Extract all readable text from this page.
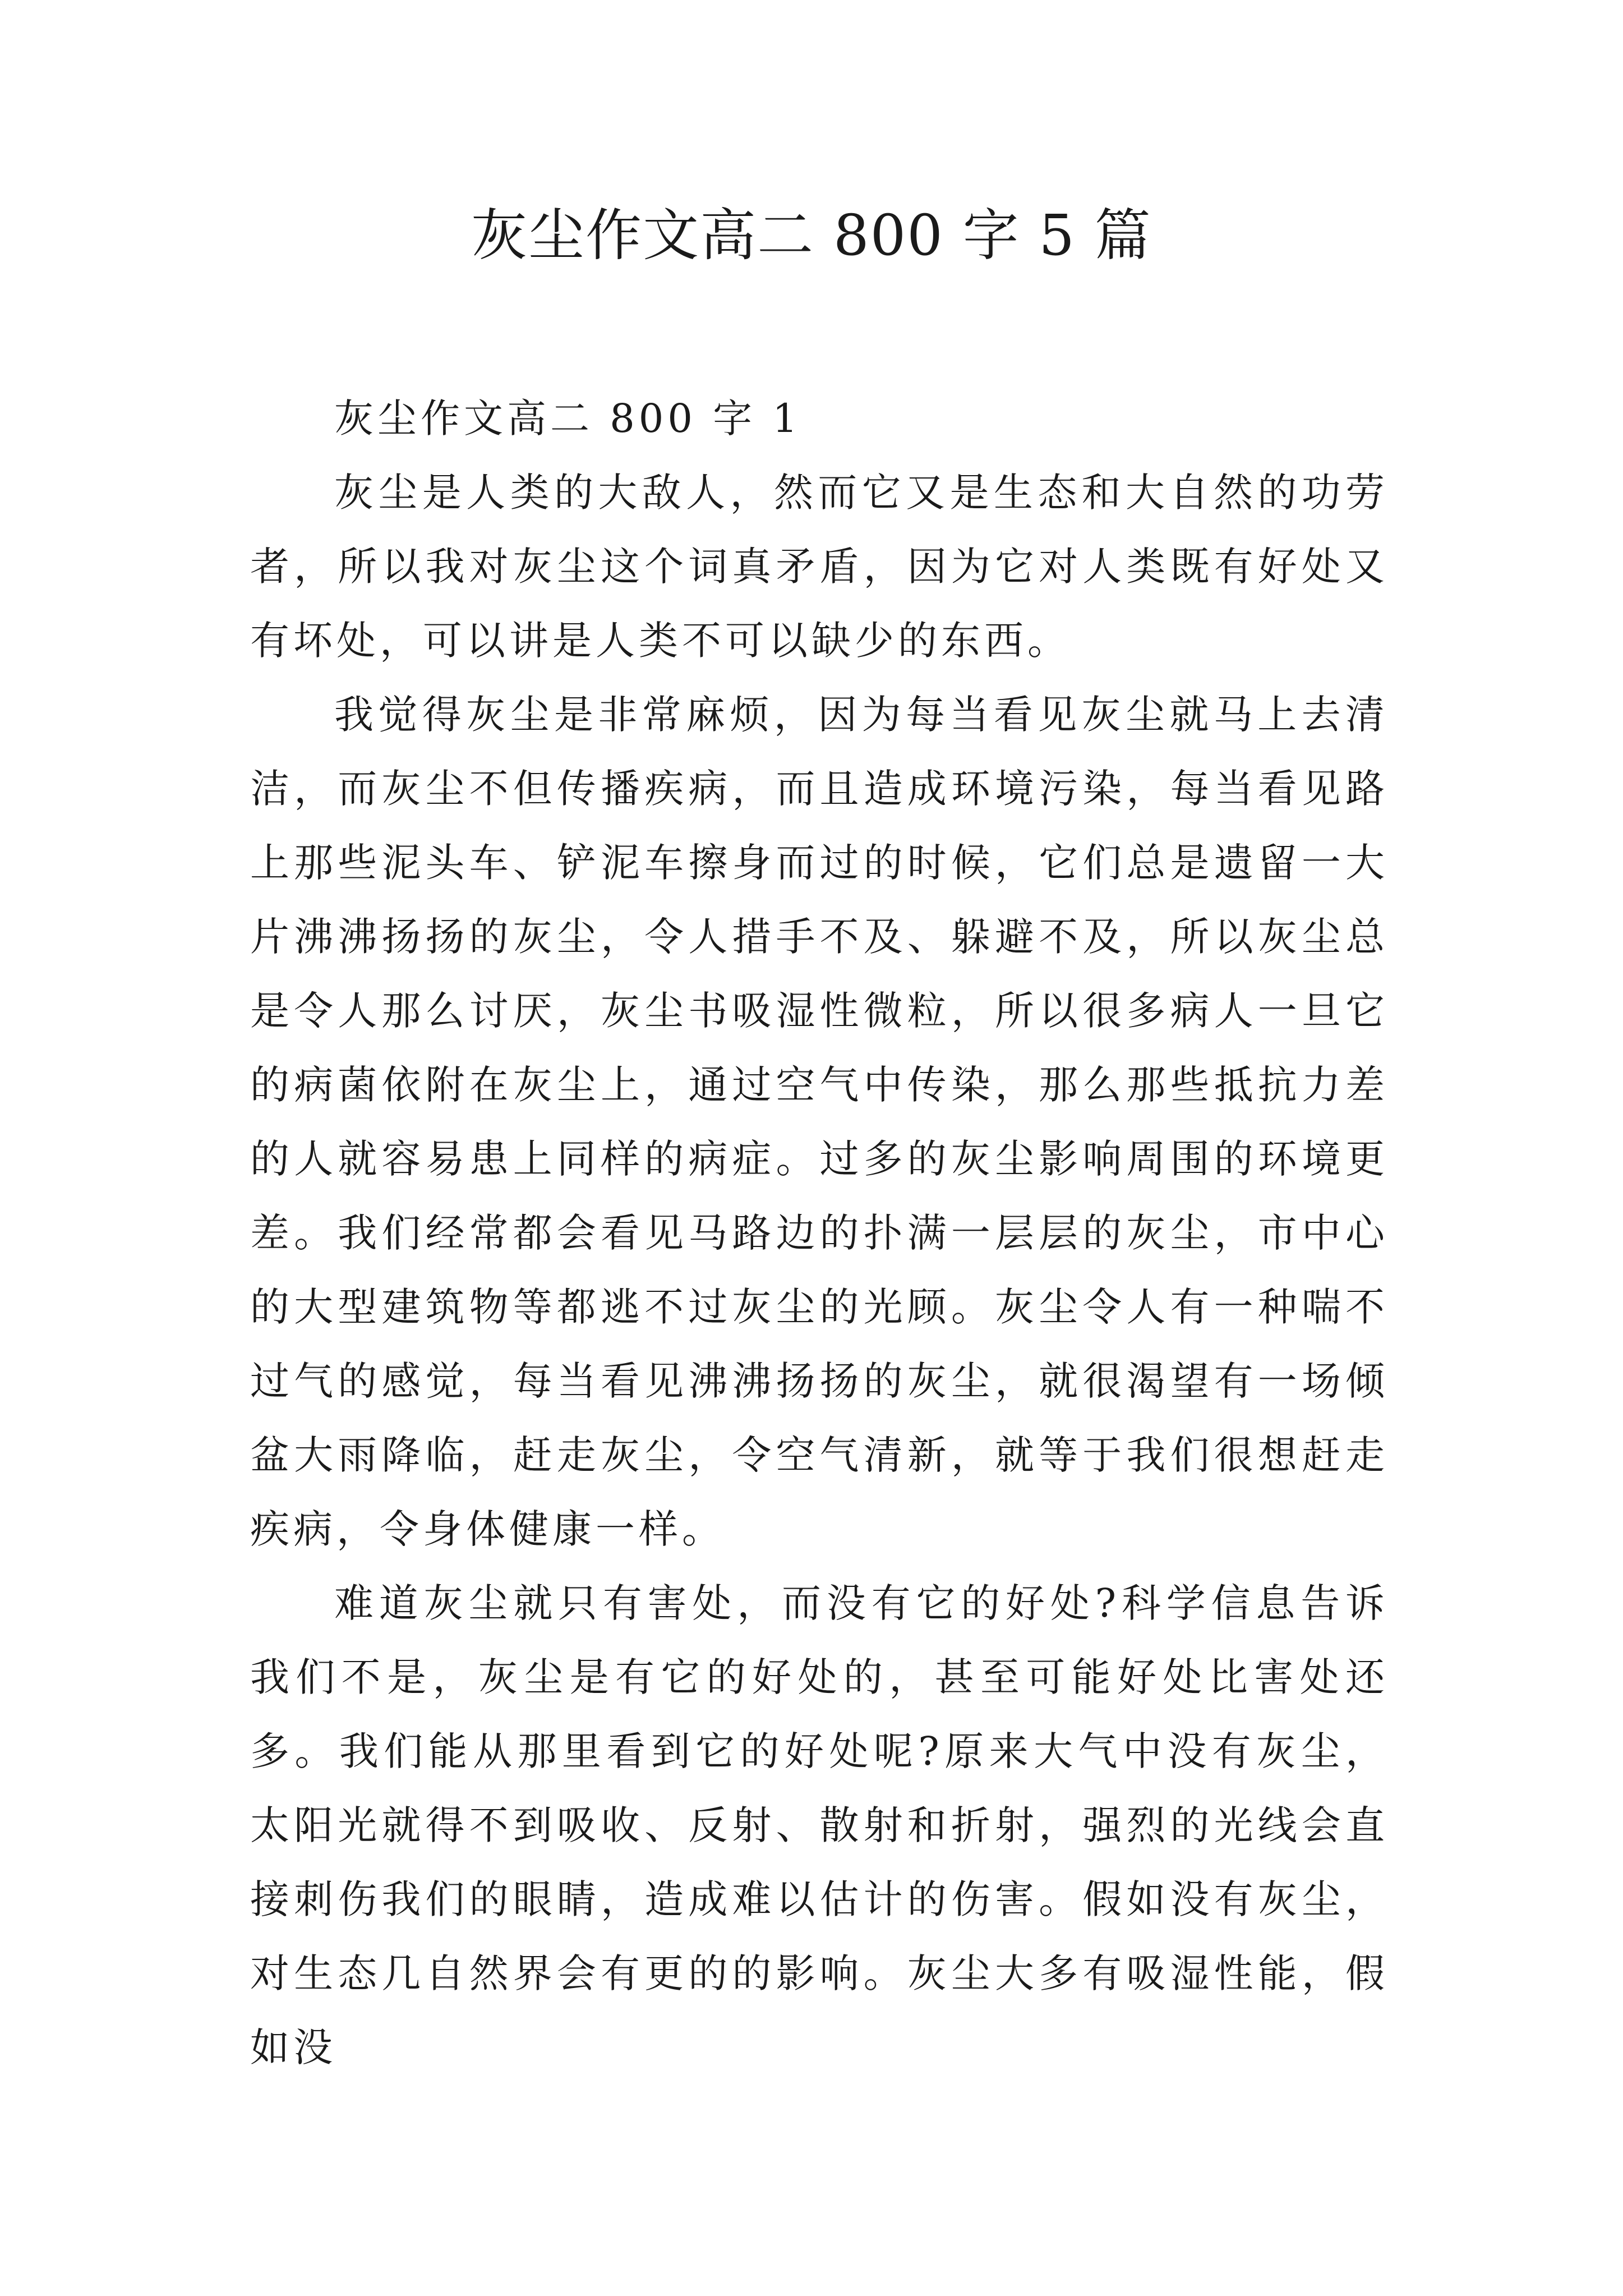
灰尘作文高二 800 字 5 篇
灰尘作文高二 800 字 1

灰尘是人类的大敌人，然而它又是生态和大自然的功劳者，所以我对灰尘这个词真矛盾，因为它对人类既有好处又有坏处，可以讲是人类不可以缺少的东西。

我觉得灰尘是非常麻烦，因为每当看见灰尘就马上去清洁，而灰尘不但传播疾病，而且造成环境污染，每当看见路上那些泥头车、铲泥车擦身而过的时候，它们总是遗留一大片沸沸扬扬的灰尘，令人措手不及、躲避不及，所以灰尘总是令人那么讨厌，灰尘书吸湿性微粒，所以很多病人一旦它的病菌依附在灰尘上，通过空气中传染，那么那些抵抗力差的人就容易患上同样的病症。过多的灰尘影响周围的环境更差。我们经常都会看见马路边的扑满一层层的灰尘，市中心的大型建筑物等都逃不过灰尘的光顾。灰尘令人有一种喘不过气的感觉，每当看见沸沸扬扬的灰尘，就很渴望有一场倾盆大雨降临，赶走灰尘，令空气清新，就等于我们很想赶走疾病，令身体健康一样。

难道灰尘就只有害处，而没有它的好处?科学信息告诉我们不是，灰尘是有它的好处的，甚至可能好处比害处还多。我们能从那里看到它的好处呢?原来大气中没有灰尘，太阳光就得不到吸收、反射、散射和折射，强烈的光线会直接刺伤我们的眼睛，造成难以估计的伤害。假如没有灰尘，对生态几自然界会有更的的影响。灰尘大多有吸湿性能，假如没
